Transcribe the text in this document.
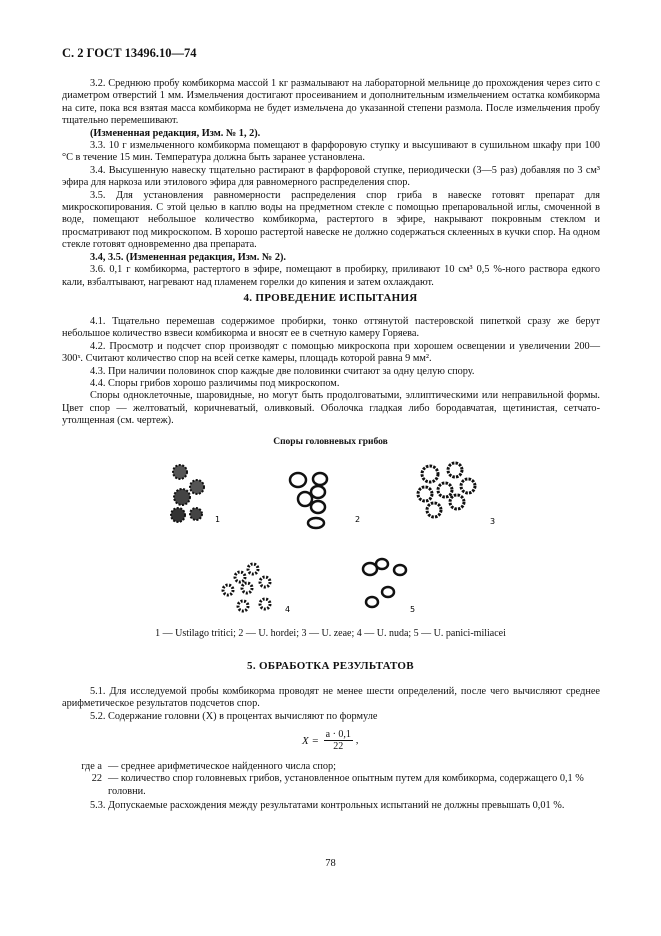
С. 2 ГОСТ 13496.10—74

3.2. Среднюю пробу комбикорма массой 1 кг размалывают на лабораторной мельнице до прохождения через сито с диаметром отверстий 1 мм. Измельчения достигают просеиванием и дополнительным измельчением остатка комбикорма на сите, пока вся взятая масса комбикорма не будет измельчена до указанной степени размола. После измельчения пробу тщательно перемешивают.

(Измененная редакция, Изм. № 1, 2).

3.3. 10 г измельченного комбикорма помещают в фарфоровую ступку и высушивают в сушильном шкафу при 100 °С в течение 15 мин. Температура должна быть заранее установлена.

3.4. Высушенную навеску тщательно растирают в фарфоровой ступке, периодически (3—5 раз) добавляя по 3 см³ эфира для наркоза или этилового эфира для равномерного распределения спор.

3.5. Для установления равномерности распределения спор гриба в навеске готовят препарат для микроскопирования. С этой целью в каплю воды на предметном стекле с помощью препаровальной иглы, смоченной в воде, помещают небольшое количество комбикорма, растертого в эфире, накрывают покровным стеклом и просматривают под микроскопом. В хорошо растертой навеске не должно содержаться склеенных в кучки спор. На одном стекле готовят одновременно два препарата.

3.4, 3.5. (Измененная редакция, Изм. № 2).

3.6. 0,1 г комбикорма, растертого в эфире, помещают в пробирку, приливают 10 см³ 0,5 %-ного раствора едкого кали, взбалтывают, нагревают над пламенем горелки до кипения и затем охлаждают.

4. ПРОВЕДЕНИЕ ИСПЫТАНИЯ

4.1. Тщательно перемешав содержимое пробирки, тонко оттянутой пастеровской пипеткой сразу же берут небольшое количество взвеси комбикорма и вносят ее в счетную камеру Горяева.

4.2. Просмотр и подсчет спор производят с помощью микроскопа при хорошем освещении и увеличении 200—300ˣ. Считают количество спор на всей сетке камеры, площадь которой равна 9 мм².

4.3. При наличии половинок спор каждые две половинки считают за одну целую спору.

4.4. Споры грибов хорошо различимы под микроскопом.

Споры одноклеточные, шаровидные, но могут быть продолговатыми, эллиптическими или неправильной формы. Цвет спор — желтоватый, коричневатый, оливковый. Оболочка гладкая либо бородавчатая, щетинистая, сетчато-утолщенная (см. чертеж).

Споры головневых грибов
1	2	3
4	5
1 — Ustilago tritici; 2 — U. hordei; 3 — U. zeae; 4 — U. nuda; 5 — U. panici-miliacei
5. ОБРАБОТКА РЕЗУЛЬТАТОВ

5.1. Для исследуемой пробы комбикорма проводят не менее шести определений, после чего вычисляют среднее арифметическое результатов подсчетов спор.

5.2. Содержание головни (X) в процентах вычисляют по формуле

$X = \frac{a \cdot 0,1}{22}$ ,
где a — среднее арифметическое найденного числа спор;
22 — количество спор головневых грибов, установленное опытным путем для комбикорма, содержащего 0,1 % головни.

5.3. Допускаемые расхождения между результатами контрольных испытаний не должны превышать 0,01 %.

78
